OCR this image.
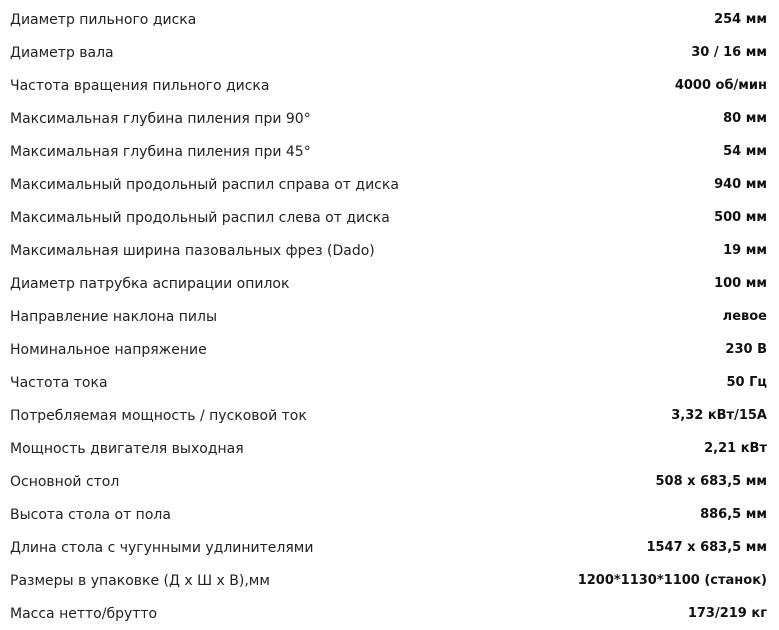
Диаметр пильного диска	254 мм
Диаметр вала	30 / 16 мм
Частота вращения пильного диска	4000 об/мин
Максимальная глубина пиления при 90°	80 мм
Максимальная глубина пиления при 45°	54 мм
Максимальный продольный распил справа от диска	940 мм
Максимальный продольный распил слева от диска	500 мм
Максимальная ширина пазовальных фрез (Dado)	19 мм
Диаметр патрубка аспирации опилок	100 мм
Направление наклона пилы	левое
Номинальное напряжение	230 В
Частота тока	50 Гц
Потребляемая мощность / пусковой ток	3,32 кВт/15А
Мощность двигателя выходная	2,21 кВт
Основной стол	508 х 683,5 мм
Высота стола от пола	886,5 мм
Длина стола с чугунными удлинителями	1547 х 683,5 мм
Размеры в упаковке (Д х Ш х В),мм	1200*1130*1100 (станок)
Масса нетто/брутто	173/219 кг
